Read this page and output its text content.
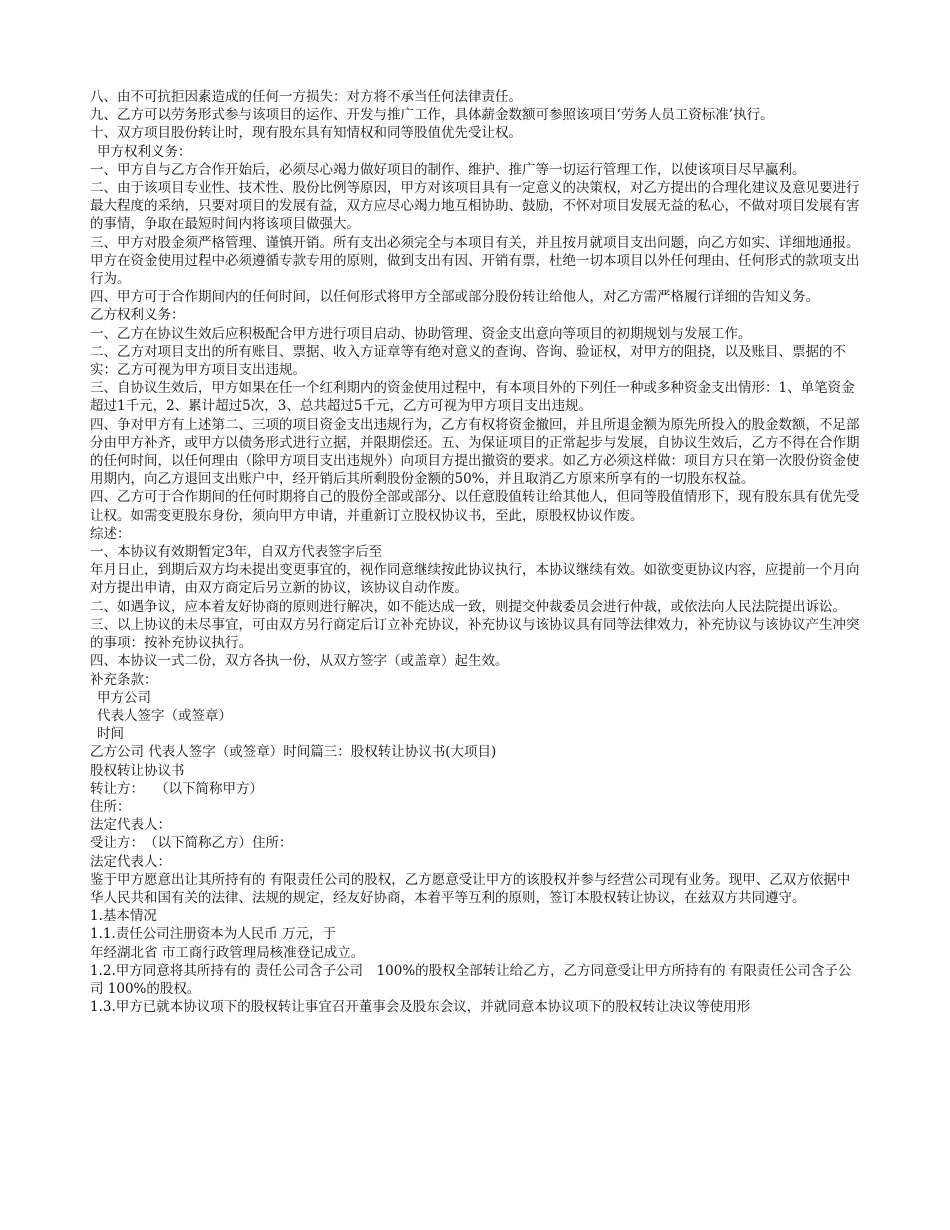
八、由不可抗拒因素造成的任何一方损失：对方将不承当任何法律责任。

九、乙方可以劳务形式参与该项目的运作、开发与推广工作，具体薪金数额可参照该项目‘劳务人员工资标准’执行。

十、双方项目股份转让时，现有股东具有知情权和同等股值优先受让权。

甲方权利义务：

一、甲方自与乙方合作开始后，必须尽心竭力做好项目的制作、维护、推广等一切运行管理工作，以使该项目尽早赢利。

二、由于该项目专业性、技术性、股份比例等原因，甲方对该项目具有一定意义的决策权，对乙方提出的合理化建议及意见要进行最大程度的采纳，只要对项目的发展有益，双方应尽心竭力地互相协助、鼓励，不怀对项目发展无益的私心，不做对项目发展有害的事情，争取在最短时间内将该项目做强大。

三、甲方对股金须严格管理、谨慎开销。所有支出必须完全与本项目有关，并且按月就项目支出问题，向乙方如实、详细地通报。甲方在资金使用过程中必须遵循专款专用的原则，做到支出有因、开销有票，杜绝一切本项目以外任何理由、任何形式的款项支出行为。

四、甲方可于合作期间内的任何时间，以任何形式将甲方全部或部分股份转让给他人，对乙方需严格履行详细的告知义务。

乙方权利义务：

一、乙方在协议生效后应积极配合甲方进行项目启动、协助管理、资金支出意向等项目的初期规划与发展工作。

二、乙方对项目支出的所有账目、票据、收入方证章等有绝对意义的查询、咨询、验证权，对甲方的阻挠，以及账目、票据的不实：乙方可视为甲方项目支出违规。

三、自协议生效后，甲方如果在任一个红利期内的资金使用过程中，有本项目外的下列任一种或多种资金支出情形：1、单笔资金超过1千元，2、累计超过5次，3、总共超过5千元，乙方可视为甲方项目支出违规。

四、争对甲方有上述第二、三项的项目资金支出违规行为，乙方有权将资金撤回，并且所退金额为原先所投入的股金数额，不足部分由甲方补齐，或甲方以债务形式进行立据，并限期偿还。五、为保证项目的正常起步与发展，自协议生效后，乙方不得在合作期的任何时间，以任何理由（除甲方项目支出违规外）向项目方提出撤资的要求。如乙方必须这样做：项目方只在第一次股份资金使用期内，向乙方退回支出账户中，经开销后其所剩股份金额的50%，并且取消乙方原来所享有的一切股东权益。

四、乙方可于合作期间的任何时期将自己的股份全部或部分、以任意股值转让给其他人，但同等股值情形下，现有股东具有优先受让权。如需变更股东身份，须向甲方申请，并重新订立股权协议书，至此，原股权协议作废。

综述：

一、本协议有效期暂定3年，自双方代表签字后至

年月日止，到期后双方均未提出变更事宜的，视作同意继续按此协议执行，本协议继续有效。如欲变更协议内容，应提前一个月向对方提出申请，由双方商定后另立新的协议，该协议自动作废。

二、如遇争议，应本着友好协商的原则进行解决，如不能达成一致，则提交仲裁委员会进行仲裁，或依法向人民法院提出诉讼。

三、以上协议的未尽事宜，可由双方另行商定后订立补充协议，补充协议与该协议具有同等法律效力，补充协议与该协议产生冲突的事项：按补充协议执行。

四、本协议一式二份，双方各执一份，从双方签字（或盖章）起生效。

补充条款：

甲方公司

代表人签字（或签章）

时间

乙方公司 代表人签字（或签章）时间篇三：股权转让协议书(大项目)

股权转让协议书

转让方：　 （以下简称甲方）

住所：

法定代表人：

受让方：　（以下简称乙方）住所：

法定代表人：

鉴于甲方愿意出让其所持有的 有限责任公司的股权，乙方愿意受让甲方的该股权并参与经营公司现有业务。现甲、乙双方依据中华人民共和国有关的法律、法规的规定，经友好协商，本着平等互利的原则，签订本股权转让协议，在兹双方共同遵守。

1.基本情况

1.1.责任公司注册资本为人民币 万元，于

年经湖北省 市工商行政管理局核准登记成立。

1.2.甲方同意将其所持有的 责任公司含子公司　100%的股权全部转让给乙方，乙方同意受让甲方所持有的 有限责任公司含子公司 100%的股权。

1.3.甲方已就本协议项下的股权转让事宜召开董事会及股东会议，并就同意本协议项下的股权转让决议等使用形
